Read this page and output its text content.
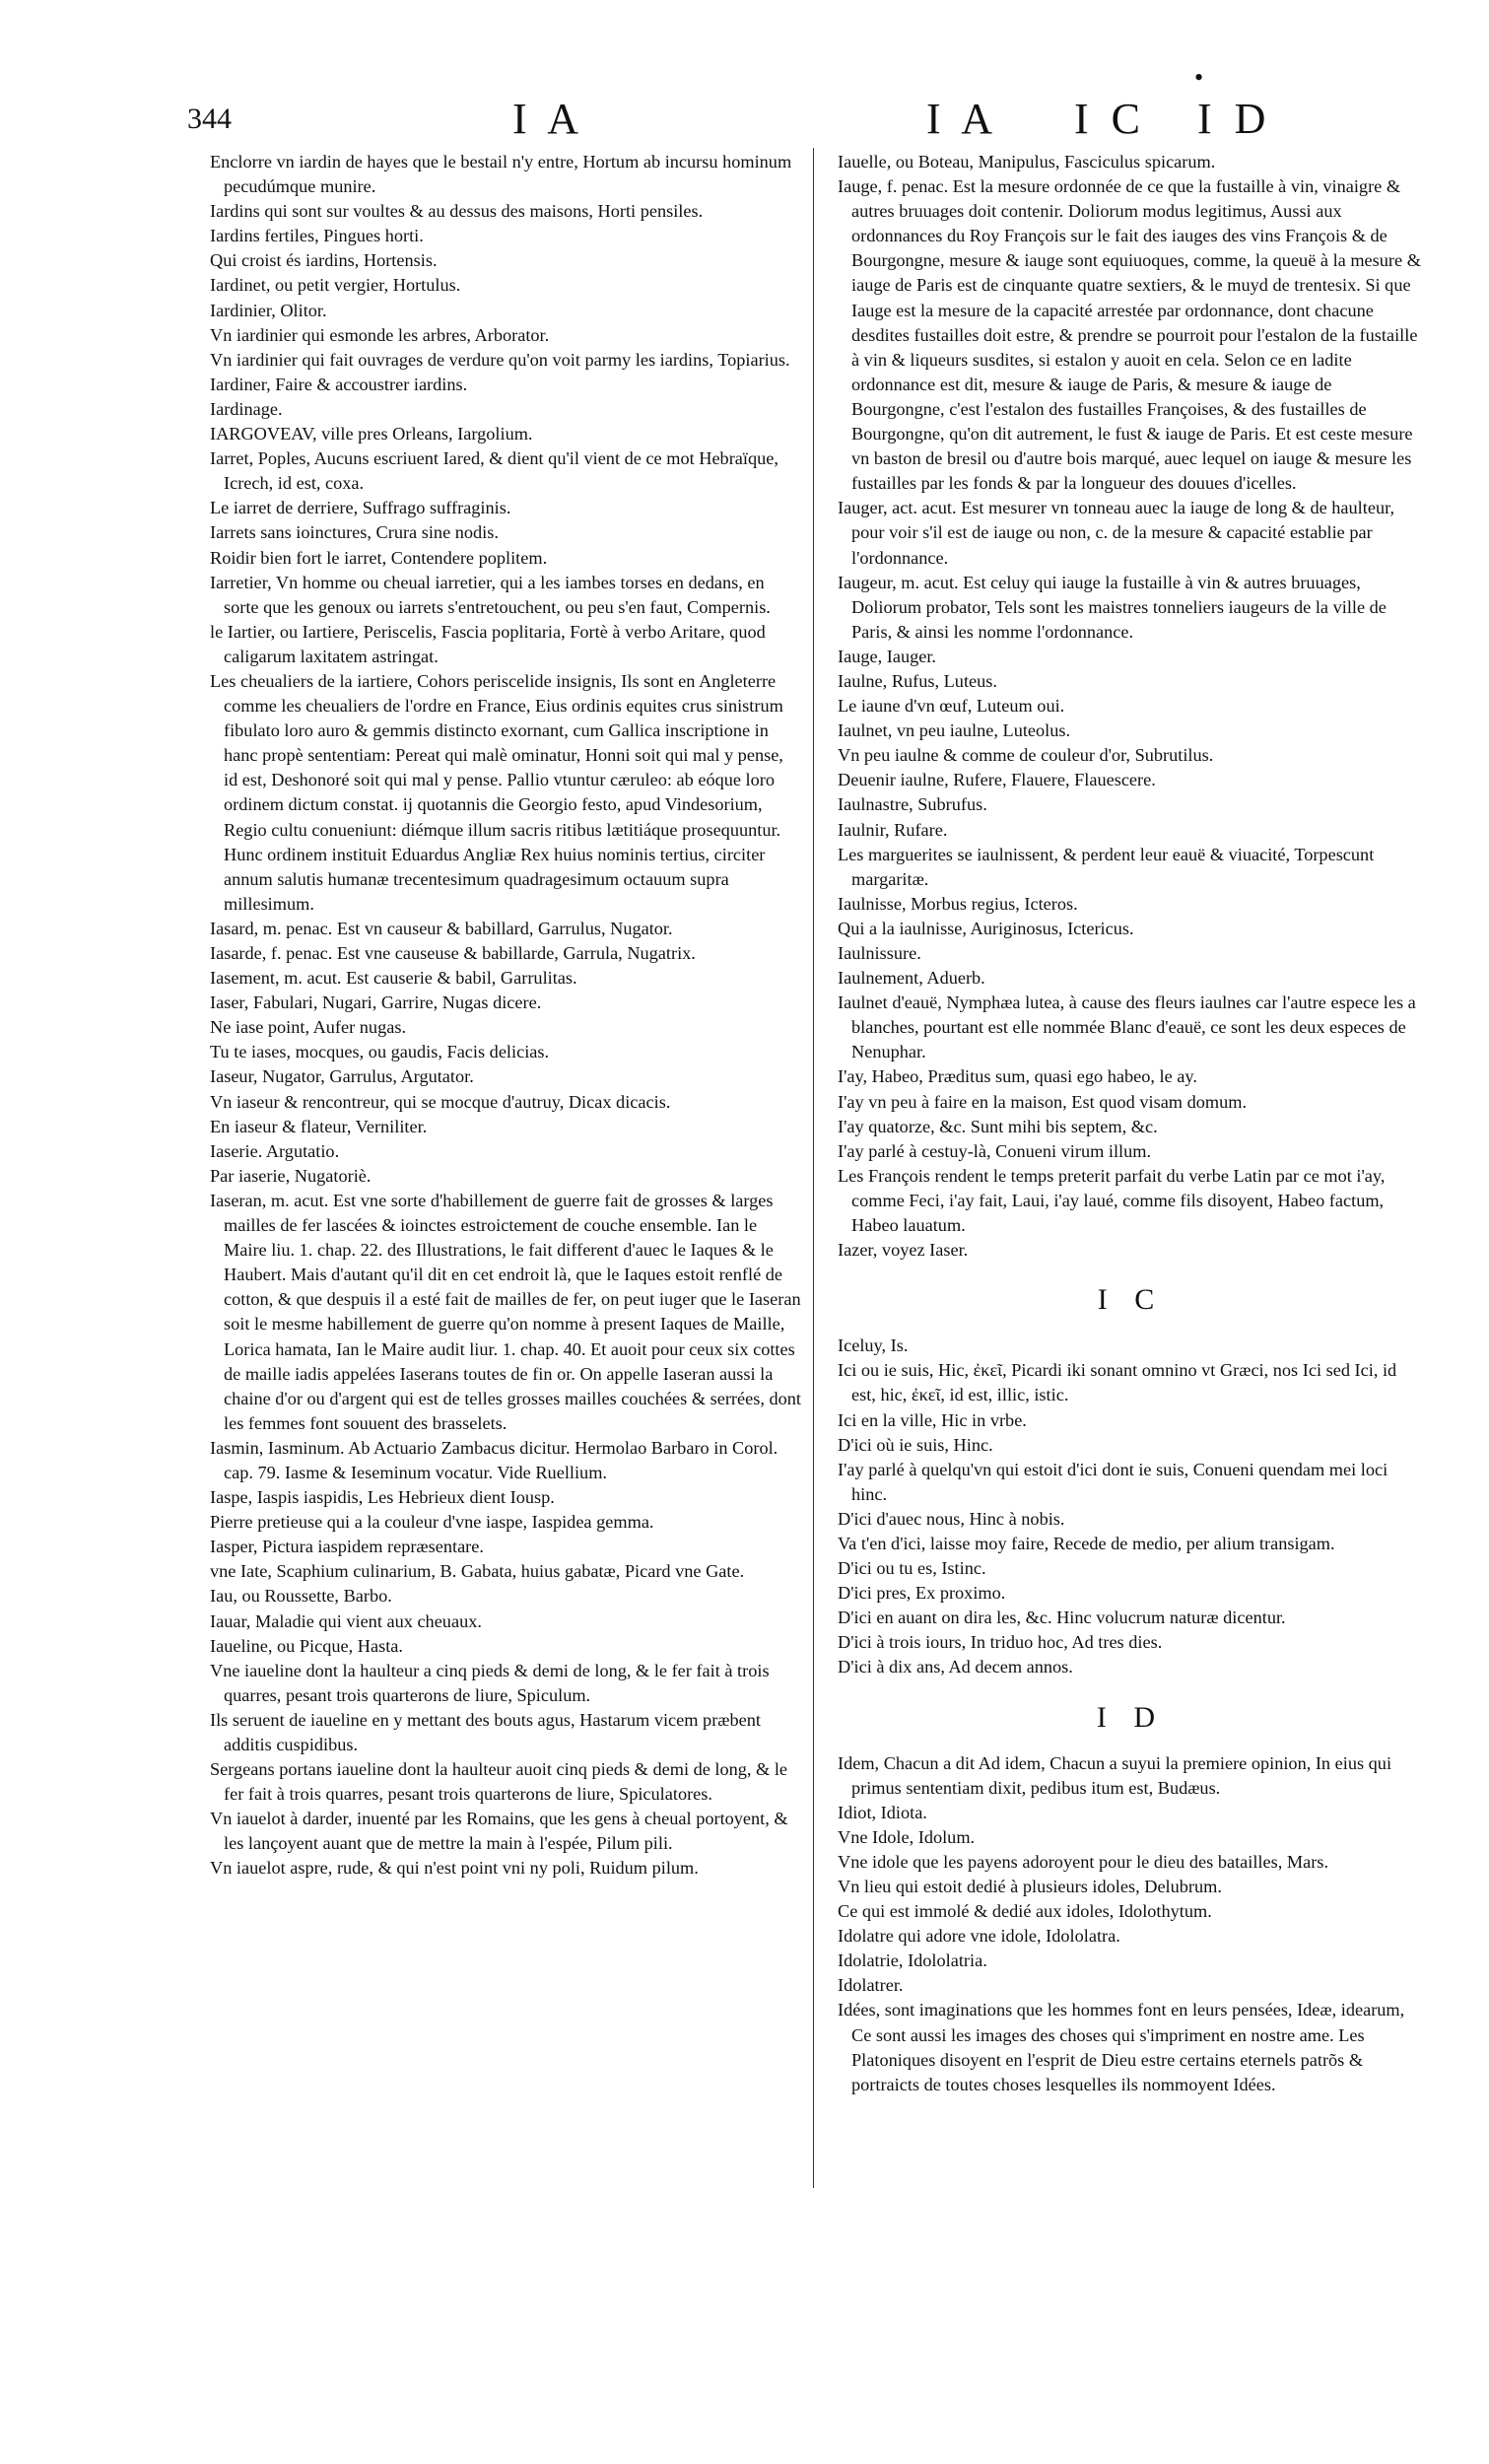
344	I A	I A I C I D

Enclorre vn iardin de hayes que le bestail n'y entre, Hortum ab incursu hominum pecudúmque munire.

Iardins qui sont sur voultes & au dessus des maisons, Horti pensiles.

Iardins fertiles, Pingues horti.

Qui croist és iardins, Hortensis.

Iardinet, ou petit vergier, Hortulus.

Iardinier, Olitor.

Vn iardinier qui esmonde les arbres, Arborator.

Vn iardinier qui fait ouvrages de verdure qu'on voit parmy les iardins, Topiarius.

Iardiner, Faire & accoustrer iardins.

Iardinage.

IARGOVEAV, ville pres Orleans, Iargolium.

Iarret, Poples, Aucuns escriuent Iared, & dient qu'il vient de ce mot Hebraïque, Icrech, id est, coxa.

Le iarret de derriere, Suffrago suffraginis.

Iarrets sans ioinctures, Crura sine nodis.

Roidir bien fort le iarret, Contendere poplitem.

Iarretier, Vn homme ou cheual iarretier, qui a les iambes torses en dedans, en sorte que les genoux ou iarrets s'entretouchent, ou peu s'en faut, Compernis.

le Iartier, ou Iartiere, Periscelis, Fascia poplitaria, Fortè à verbo Aritare, quod caligarum laxitatem astringat.

Les cheualiers de la iartiere, Cohors periscelide insignis, Ils sont en Angleterre comme les cheualiers de l'ordre en France, Eius ordinis equites crus sinistrum fibulato loro auro & gemmis distincto exornant, cum Gallica inscriptione in hanc propè sententiam: Pereat qui malè ominatur, Honni soit qui mal y pense, id est, Deshonoré soit qui mal y pense. Pallio vtuntur cæruleo: ab eóque loro ordinem dictum constat. ij quotannis die Georgio festo, apud Vindesorium, Regio cultu conueniunt: diémque illum sacris ritibus lætitiáque prosequuntur. Hunc ordinem instituit Eduardus Angliæ Rex huius nominis tertius, circiter annum salutis humanæ trecentesimum quadragesimum octauum supra millesimum.

Iasard, m. penac. Est vn causeur & babillard, Garrulus, Nugator.

Iasarde, f. penac. Est vne causeuse & babillarde, Garrula, Nugatrix.

Iasement, m. acut. Est causerie & babil, Garrulitas.

Iaser, Fabulari, Nugari, Garrire, Nugas dicere.

Ne iase point, Aufer nugas.

Tu te iases, mocques, ou gaudis, Facis delicias.

Iaseur, Nugator, Garrulus, Argutator.

Vn iaseur & rencontreur, qui se mocque d'autruy, Dicax dicacis.

En iaseur & flateur, Verniliter.

Iaserie. Argutatio.

Par iaserie, Nugatoriè.

Iaseran, m. acut. Est vne sorte d'habillement de guerre fait de grosses & larges mailles de fer lascées & ioinctes estroictement de couche ensemble. Ian le Maire liu. 1. chap. 22. des Illustrations, le fait different d'auec le Iaques & le Haubert. Mais d'autant qu'il dit en cet endroit là, que le Iaques estoit renflé de cotton, & que despuis il a esté fait de mailles de fer, on peut iuger que le Iaseran soit le mesme habillement de guerre qu'on nomme à present Iaques de Maille, Lorica hamata, Ian le Maire audit liur. 1. chap. 40. Et auoit pour ceux six cottes de maille iadis appelées Iaserans toutes de fin or. On appelle Iaseran aussi la chaine d'or ou d'argent qui est de telles grosses mailles couchées & serrées, dont les femmes font souuent des brasselets.

Iasmin, Iasminum. Ab Actuario Zambacus dicitur. Hermolao Barbaro in Corol. cap. 79. Iasme & Ieseminum vocatur. Vide Ruellium.

Iaspe, Iaspis iaspidis, Les Hebrieux dient Iousp.

Pierre pretieuse qui a la couleur d'vne iaspe, Iaspidea gemma.

Iasper, Pictura iaspidem repræsentare.

vne Iate, Scaphium culinarium, B. Gabata, huius gabatæ, Picard vne Gate.

Iau, ou Roussette, Barbo.

Iauar, Maladie qui vient aux cheuaux.

Iaueline, ou Picque, Hasta.

Vne iaueline dont la haulteur a cinq pieds & demi de long, & le fer fait à trois quarres, pesant trois quarterons de liure, Spiculum.

Ils seruent de iaueline en y mettant des bouts agus, Hastarum vicem præbent additis cuspidibus.

Sergeans portans iaueline dont la haulteur auoit cinq pieds & demi de long, & le fer fait à trois quarres, pesant trois quarterons de liure, Spiculatores.

Vn iauelot à darder, inuenté par les Romains, que les gens à cheual portoyent, & les lançoyent auant que de mettre la main à l'espée, Pilum pili.

Vn iauelot aspre, rude, & qui n'est point vni ny poli, Ruidum pilum.

Iauelle, ou Boteau, Manipulus, Fasciculus spicarum.

Iauge, f. penac. Est la mesure ordonnée de ce que la fustaille à vin, vinaigre & autres bruuages doit contenir. Doliorum modus legitimus, Aussi aux ordonnances du Roy François sur le fait des iauges des vins François & de Bourgongne, mesure & iauge sont equiuoques, comme, la queuë à la mesure & iauge de Paris est de cinquante quatre sextiers, & le muyd de trentesix. Si que Iauge est la mesure de la capacité arrestée par ordonnance, dont chacune desdites fustailles doit estre, & prendre se pourroit pour l'estalon de la fustaille à vin & liqueurs susdites, si estalon y auoit en cela. Selon ce en ladite ordonnance est dit, mesure & iauge de Paris, & mesure & iauge de Bourgongne, c'est l'estalon des fustailles Françoises, & des fustailles de Bourgongne, qu'on dit autrement, le fust & iauge de Paris. Et est ceste mesure vn baston de bresil ou d'autre bois marqué, auec lequel on iauge & mesure les fustailles par les fonds & par la longueur des douues d'icelles.

Iauger, act. acut. Est mesurer vn tonneau auec la iauge de long & de haulteur, pour voir s'il est de iauge ou non, c. de la mesure & capacité establie par l'ordonnance.

Iaugeur, m. acut. Est celuy qui iauge la fustaille à vin & autres bruuages, Doliorum probator, Tels sont les maistres tonneliers iaugeurs de la ville de Paris, & ainsi les nomme l'ordonnance.

Iauge, Iauger.

Iaulne, Rufus, Luteus.

Le iaune d'vn œuf, Luteum oui.

Iaulnet, vn peu iaulne, Luteolus.

Vn peu iaulne & comme de couleur d'or, Subrutilus.

Deuenir iaulne, Rufere, Flauere, Flauescere.

Iaulnastre, Subrufus.

Iaulnir, Rufare.

Les marguerites se iaulnissent, & perdent leur eauë & viuacité, Torpescunt margaritæ.

Iaulnisse, Morbus regius, Icteros.

Qui a la iaulnisse, Auriginosus, Ictericus.

Iaulnissure.

Iaulnement, Aduerb.

Iaulnet d'eauë, Nymphæa lutea, à cause des fleurs iaulnes car l'autre espece les a blanches, pourtant est elle nommée Blanc d'eauë, ce sont les deux especes de Nenuphar.

I'ay, Habeo, Præditus sum, quasi ego habeo, le ay.

I'ay vn peu à faire en la maison, Est quod visam domum.

I'ay quatorze, &c. Sunt mihi bis septem, &c.

I'ay parlé à cestuy-là, Conueni virum illum.

Les François rendent le temps preterit parfait du verbe Latin par ce mot i'ay, comme Feci, i'ay fait, Laui, i'ay laué, comme fils disoyent, Habeo factum, Habeo lauatum.

Iazer, voyez Iaser.

I C

Iceluy, Is.

Ici ou ie suis, Hic, ἐκεῖ, Picardi iki sonant omnino vt Græci, nos Ici sed Ici, id est, hic, ἐκεῖ, id est, illic, istic.

Ici en la ville, Hic in vrbe.

D'ici où ie suis, Hinc.

I'ay parlé à quelqu'vn qui estoit d'ici dont ie suis, Conueni quendam mei loci hinc.

D'ici d'auec nous, Hinc à nobis.

Va t'en d'ici, laisse moy faire, Recede de medio, per alium transigam.

D'ici ou tu es, Istinc.

D'ici pres, Ex proximo.

D'ici en auant on dira les, &c. Hinc volucrum naturæ dicentur.

D'ici à trois iours, In triduo hoc, Ad tres dies.

D'ici à dix ans, Ad decem annos.

I D

Idem, Chacun a dit Ad idem, Chacun a suyui la premiere opinion, In eius qui primus sententiam dixit, pedibus itum est, Budæus.

Idiot, Idiota.

Vne Idole, Idolum.

Vne idole que les payens adoroyent pour le dieu des batailles, Mars.

Vn lieu qui estoit dedié à plusieurs idoles, Delubrum.

Ce qui est immolé & dedié aux idoles, Idolothytum.

Idolatre qui adore vne idole, Idololatra.

Idolatrie, Idololatria.

Idolatrer.

Idées, sont imaginations que les hommes font en leurs pensées, Ideæ, idearum, Ce sont aussi les images des choses qui s'impriment en nostre ame. Les Platoniques disoyent en l'esprit de Dieu estre certains eternels patrõs & portraicts de toutes choses lesquelles ils nommoyent Idées.

•
